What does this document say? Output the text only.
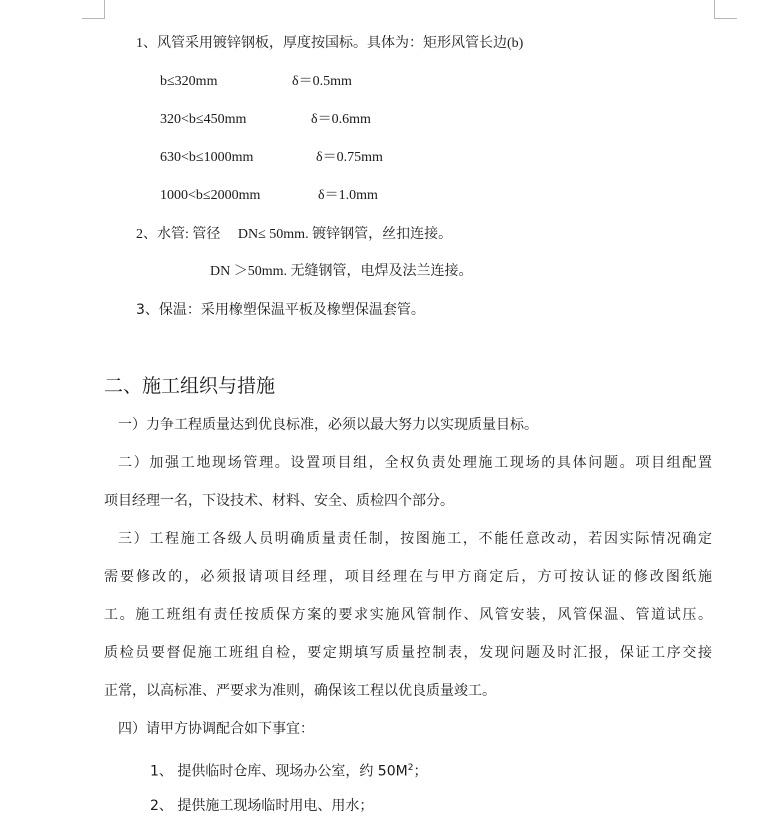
1、风管采用镀锌钢板，厚度按国标。具体为：矩形风管长边(b)
b≤320mm	δ＝0.5mm
320<b≤450mm	δ＝0.6mm
630<b≤1000mm	δ＝0.75mm
1000<b≤2000mm	δ＝1.0mm
2、水管: 管径　 DN≤ 50mm. 镀锌钢管，丝扣连接。
DN ＞50mm. 无缝钢管，电焊及法兰连接。
3、保温：采用橡塑保温平板及橡塑保温套管。
二、施工组织与措施
一）力争工程质量达到优良标准，必须以最大努力以实现质量目标。
二）加强工地现场管理。设置项目组，全权负责处理施工现场的具体问题。项目组配置
项目经理一名，下设技术、材料、安全、质检四个部分。
三）工程施工各级人员明确质量责任制，按图施工，不能任意改动，若因实际情况确定
需要修改的，必须报请项目经理，项目经理在与甲方商定后，方可按认证的修改图纸施
工。施工班组有责任按质保方案的要求实施风管制作、风管安装，风管保温、管道试压。
质检员要督促施工班组自检，要定期填写质量控制表，发现问题及时汇报，保证工序交接
正常，以高标准、严要求为准则，确保该工程以优良质量竣工。
四）请甲方协调配合如下事宜：
1、 提供临时仓库、现场办公室，约 $50M^2$；
2、 提供施工现场临时用电、用水；
